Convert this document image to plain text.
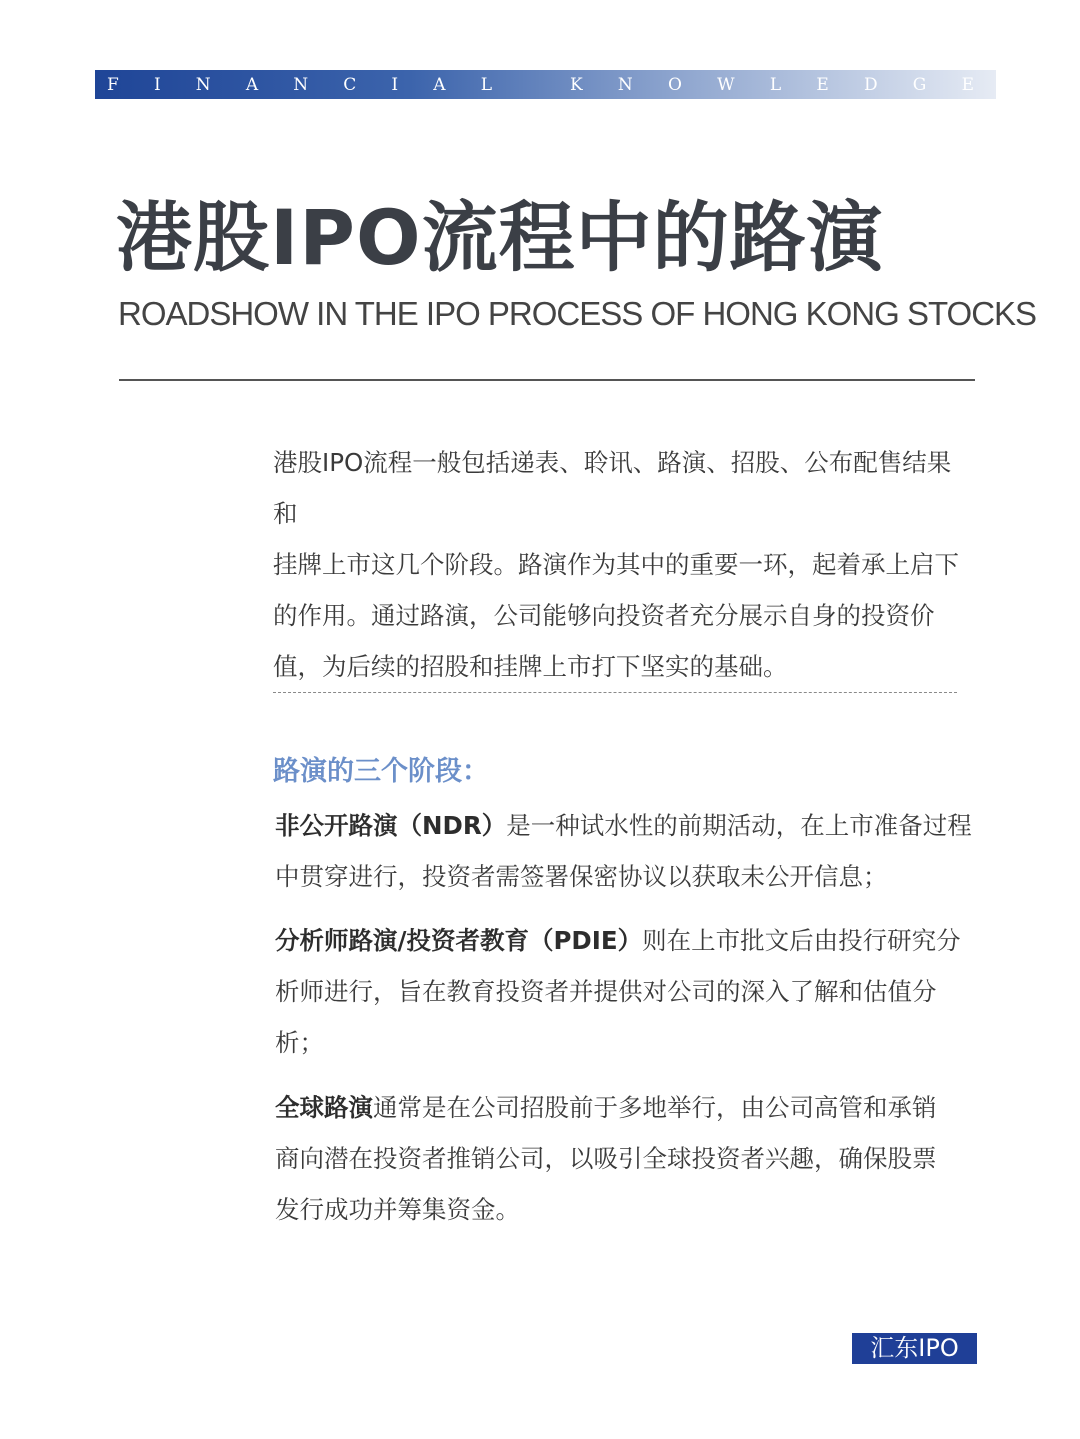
F I N A N C I A L	K N O W L E D G E
港股IPO流程中的路演
ROADSHOW IN THE IPO PROCESS OF HONG KONG STOCKS
港股IPO流程一般包括递表、聆讯、路演、招股、公布配售结果和
挂牌上市这几个阶段。路演作为其中的重要一环，起着承上启下
的作用。通过路演，公司能够向投资者充分展示自身的投资价
值，为后续的招股和挂牌上市打下坚实的基础。
路演的三个阶段：
非公开路演（NDR）是一种试水性的前期活动，在上市准备过程
中贯穿进行，投资者需签署保密协议以获取未公开信息；
分析师路演/投资者教育（PDIE）则在上市批文后由投行研究分
析师进行，旨在教育投资者并提供对公司的深入了解和估值分
析；
全球路演通常是在公司招股前于多地举行，由公司高管和承销
商向潜在投资者推销公司，以吸引全球投资者兴趣，确保股票
发行成功并筹集资金。
汇东IPO
